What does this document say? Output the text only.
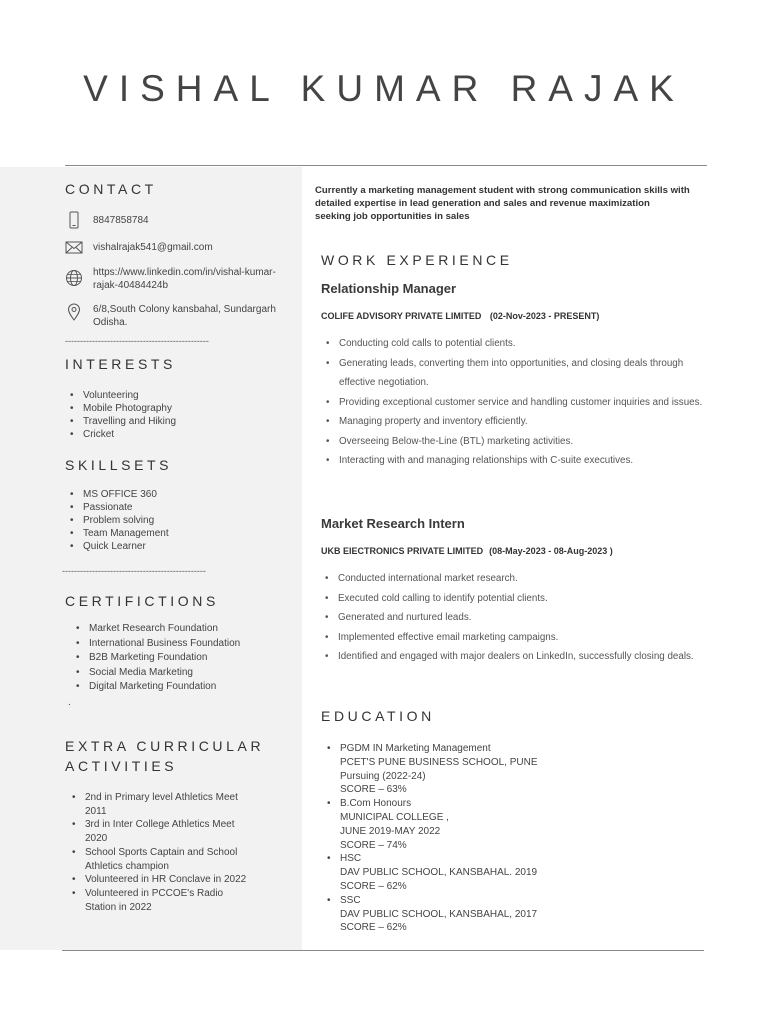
VISHAL KUMAR RAJAK
CONTACT
8847858784
vishalrajak541@gmail.com
https://www.linkedin.com/in/vishal-kumar-
rajak-40484424b
6/8,South Colony kansbahal, Sundargarh
Odisha.
------------------------------------------------
INTERESTS
• Volunteering
• Mobile Photography
• Travelling and Hiking
• Cricket
SKILLSETS
• MS OFFICE 360
• Passionate
• Problem solving
• Team Management
• Quick Learner
------------------------------------------------
CERTIFICTIONS
• Market Research Foundation
• International Business Foundation
• B2B Marketing Foundation
• Social Media Marketing
• Digital Marketing Foundation
.
EXTRA CURRICULAR
ACTIVITIES
• 2nd in Primary level Athletics Meet
2011
• 3rd in Inter College Athletics Meet
2020
• School Sports Captain and School
Athletics champion
• Volunteered in HR Conclave in 2022
• Volunteered in PCCOE's Radio
Station in 2022
Currently a marketing management student with strong communication skills with
detailed expertise in lead generation and sales and revenue maximization
seeking job opportunities in sales
WORK EXPERIENCE
Relationship Manager
COLIFE ADVISORY PRIVATE LIMITED (02-Nov-2023 - PRESENT)
• Conducting cold calls to potential clients.
• Generating leads, converting them into opportunities, and closing deals through effective negotiation.
• Providing exceptional customer service and handling customer inquiries and issues.
• Managing property and inventory efficiently.
• Overseeing Below-the-Line (BTL) marketing activities.
• Interacting with and managing relationships with C-suite executives.
Market Research Intern
UKB EIECTRONICS PRIVATE LIMITED (08-May-2023 - 08-Aug-2023 )
• Conducted international market research.
• Executed cold calling to identify potential clients.
• Generated and nurtured leads.
• Implemented effective email marketing campaigns.
• Identified and engaged with major dealers on LinkedIn, successfully closing deals.
EDUCATION
• PGDM IN Marketing Management
PCET'S PUNE BUSINESS SCHOOL, PUNE
Pursuing (2022-24)
SCORE – 63%
• B.Com Honours
MUNICIPAL COLLEGE ,
JUNE 2019-MAY 2022
SCORE – 74%
• HSC
DAV PUBLIC SCHOOL, KANSBAHAL. 2019
SCORE – 62%
• SSC
DAV PUBLIC SCHOOL, KANSBAHAL, 2017
SCORE – 62%
